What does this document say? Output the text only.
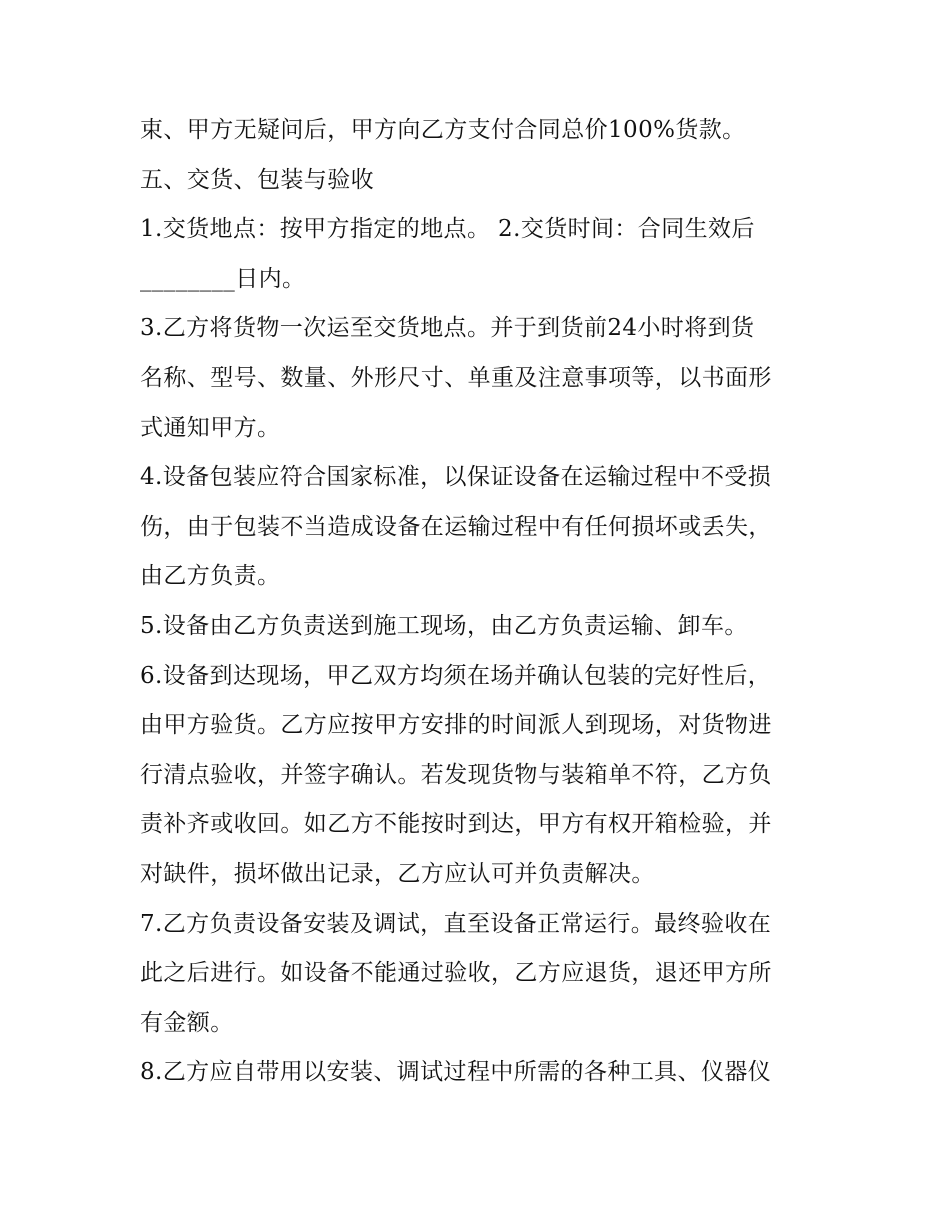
束、甲方无疑问后，甲方向乙方支付合同总价100%货款。
五、交货、包装与验收
1.交货地点：按甲方指定的地点。 2.交货时间：合同生效后
________日内。
3.乙方将货物一次运至交货地点。并于到货前24小时将到货
名称、型号、数量、外形尺寸、单重及注意事项等，以书面形
式通知甲方。
4.设备包装应符合国家标准，以保证设备在运输过程中不受损
伤，由于包装不当造成设备在运输过程中有任何损坏或丢失，
由乙方负责。
5.设备由乙方负责送到施工现场，由乙方负责运输、卸车。
6.设备到达现场，甲乙双方均须在场并确认包装的完好性后，
由甲方验货。乙方应按甲方安排的时间派人到现场，对货物进
行清点验收，并签字确认。若发现货物与装箱单不符，乙方负
责补齐或收回。如乙方不能按时到达，甲方有权开箱检验，并
对缺件，损坏做出记录，乙方应认可并负责解决。
7.乙方负责设备安装及调试，直至设备正常运行。最终验收在
此之后进行。如设备不能通过验收，乙方应退货，退还甲方所
有金额。
8.乙方应自带用以安装、调试过程中所需的各种工具、仪器仪
